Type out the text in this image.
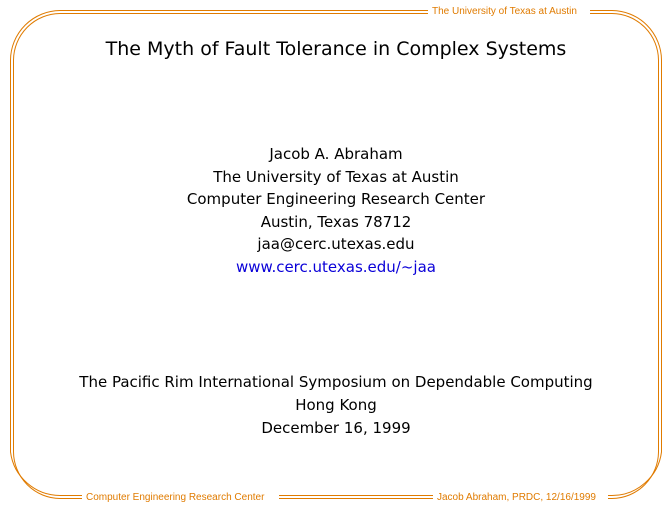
The University of Texas at Austin
The Myth of Fault Tolerance in Complex Systems
Jacob A. Abraham
The University of Texas at Austin
Computer Engineering Research Center
Austin, Texas 78712
jaa@cerc.utexas.edu
www.cerc.utexas.edu/~jaa
The Pacific Rim International Symposium on Dependable Computing
Hong Kong
December 16, 1999
Computer Engineering Research Center	Jacob Abraham, PRDC, 12/16/1999
